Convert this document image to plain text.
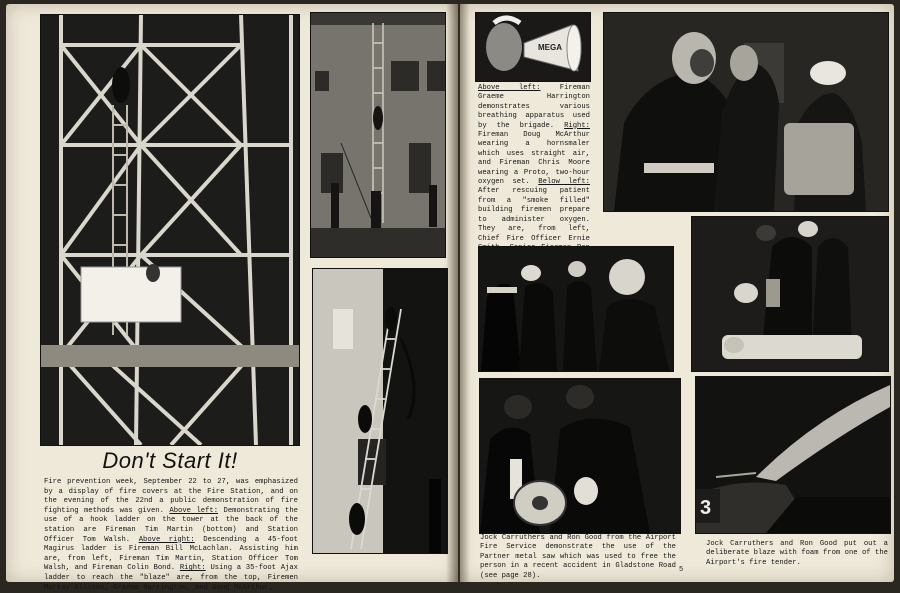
Don't Start It!
Fire prevention week, September 22 to 27, was emphasized by a display of fire covers at the Fire Station, and on the evening of the 22nd a public demonstration of fire fighting methods was given. Above left: Demonstrating the use of a hook ladder on the tower at the back of the station are Fireman Tim Martin (bottom) and Station Officer Tom Walsh. Above right: Descending a 45-foot Magirus ladder is Fireman Bill McLachlan. Assisting him are, from left, Fireman Tim Martin, Station Officer Tom Walsh, and Fireman Colin Bond. Right: Using a 35-foot Ajax ladder to reach the "blaze" are, from the top, Firemen Murray Allison, Graeme Harrington, and Doug McArthur.
MEGA
Above left:	Fireman Graeme Harrington demonstrates various breathing apparatus used by the brigade. Right: Fireman Doug McArthur wearing a hornsmaler which uses straight air, and Fireman Chris Moore wearing a Proto, two-hour oxygen set. Below left: After rescuing patient from a "smoke filled" building firemen prepare to administer oxygen. They are, from left, Chief Fire Officer Ernie
Jock Carruthers and Ron Good from the Airport Fire Service demonstrate the use of the Partner metal saw which was used to free the person in a recent accident in Gladstone Road (see page 28).
3
Jock Carruthers and Ron Good put out a deliberate blaze with foam from one of the Airport's fire tender.
5
